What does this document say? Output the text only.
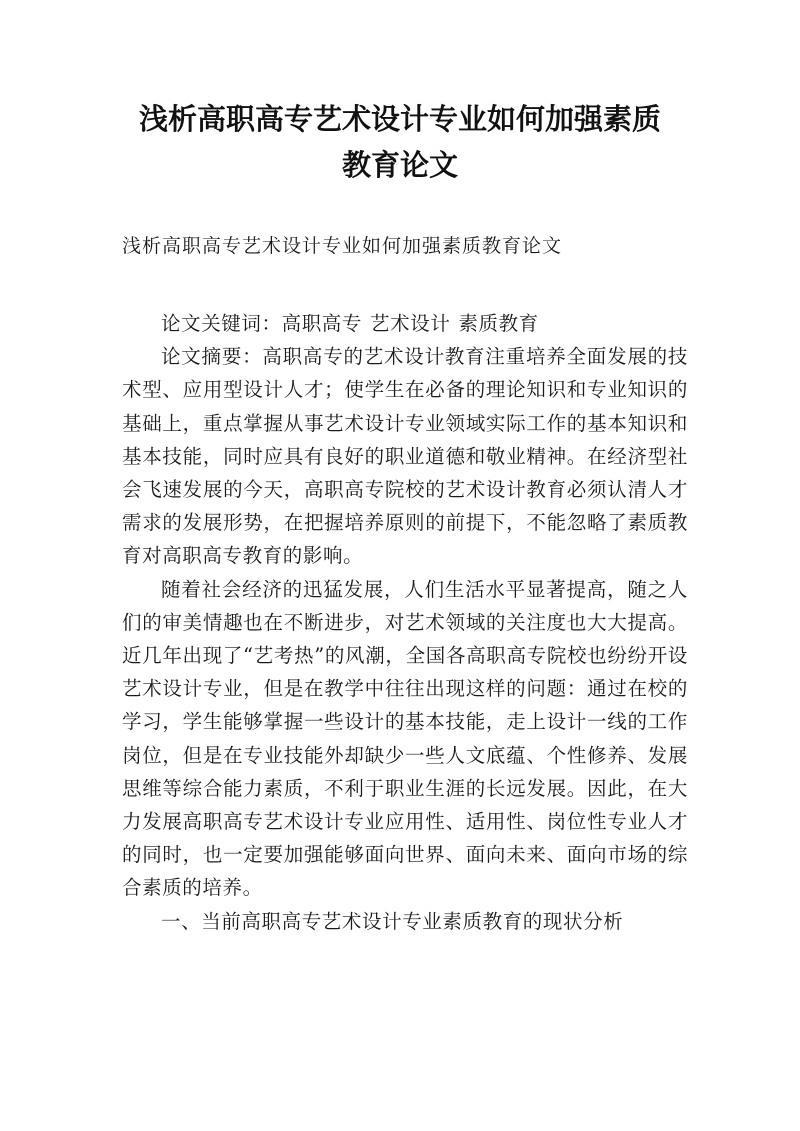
浅析高职高专艺术设计专业如何加强素质
教育论文

浅析高职高专艺术设计专业如何加强素质教育论文

论文关键词：高职高专 艺术设计 素质教育

论文摘要：高职高专的艺术设计教育注重培养全面发展的技术型、应用型设计人才；使学生在必备的理论知识和专业知识的基础上，重点掌握从事艺术设计专业领域实际工作的基本知识和基本技能，同时应具有良好的职业道德和敬业精神。在经济型社会飞速发展的今天，高职高专院校的艺术设计教育必须认清人才需求的发展形势，在把握培养原则的前提下，不能忽略了素质教育对高职高专教育的影响。

随着社会经济的迅猛发展，人们生活水平显著提高，随之人们的审美情趣也在不断进步，对艺术领域的关注度也大大提高。近几年出现了“艺考热”的风潮，全国各高职高专院校也纷纷开设艺术设计专业，但是在教学中往往出现这样的问题：通过在校的学习，学生能够掌握一些设计的基本技能，走上设计一线的工作岗位，但是在专业技能外却缺少一些人文底蕴、个性修养、发展思维等综合能力素质，不利于职业生涯的长远发展。因此，在大力发展高职高专艺术设计专业应用性、适用性、岗位性专业人才的同时，也一定要加强能够面向世界、面向未来、面向市场的综合素质的培养。

一、当前高职高专艺术设计专业素质教育的现状分析
